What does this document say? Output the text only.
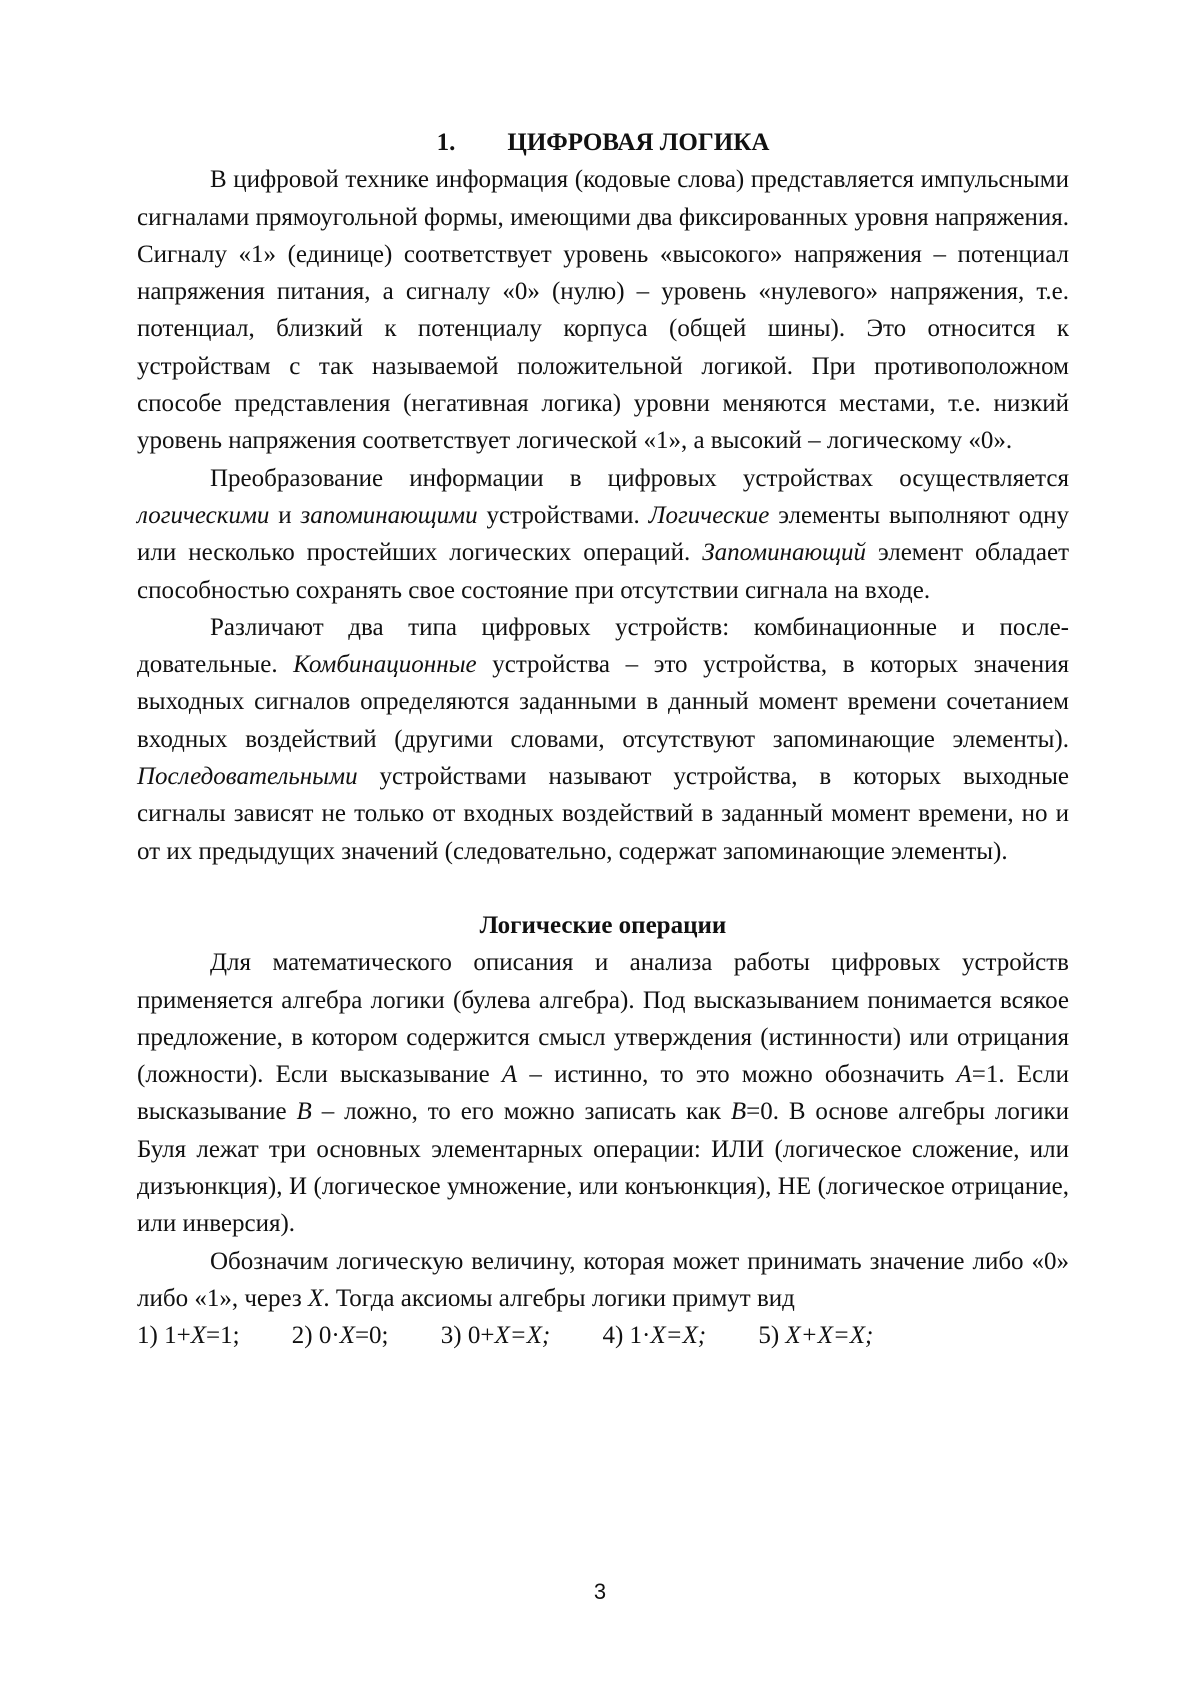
1. ЦИФРОВАЯ ЛОГИКА

В цифровой технике информация (кодовые слова) представляется им­пульсными сигналами прямоугольной формы, имеющими два фиксирован­ных уровня напряжения. Сигналу «1» (единице) соответствует уровень «высокого» напряжения – потенциал напряжения питания, а сигналу «0» (нулю) – уровень «нулевого» напряжения, т.е. потенциал, близкий к потен­циалу корпуса (общей шины). Это относится к устройствам с так называе­мой положительной логикой. При противоположном способе представле­ния (негативная логика) уровни меняются местами, т.е. низкий уровень напряжения соответствует логической «1», а высокий – логическому «0».

Преобразование информации в цифровых устройствах осуществляет­ся логическими и запоминающими устройствами. Логические элементы вы­полняют одну или несколько простейших логических операций. Запомина­ющий элемент обладает способностью сохранять свое состояние при отсут­ствии сигнала на входе.

Различают два типа цифровых устройств: комбинационные и после­довательные. Комбинационные устройства – это устройства, в которых зна­чения выходных сигналов определяются заданными в данный момент вре­мени сочетанием входных воздействий (другими словами, отсутствуют за­поминающие элементы). Последовательными устройствами называют устройства, в которых выходные сигналы зависят не только от входных воздействий в заданный момент времени, но и от их предыдущих значений (следовательно, содержат запоминающие элементы).

Логические операции

Для математического описания и анализа работы цифровых устройств применяется алгебра логики (булева алгебра). Под высказыванием понима­ется всякое предложение, в котором содержится смысл утверждения (ис­тинности) или отрицания (ложности). Если высказывание A – истинно, то это можно обозначить A=1. Если высказывание B – ложно, то его можно за­писать как B=0. В основе алгебры логики Буля лежат три основных элемен­тарных операции: ИЛИ (логическое сложение, или дизъюнкция), И (логиче­ское умножение, или конъюнкция), НЕ (логическое отрицание, или инвер­сия).

Обозначим логическую величину, которая может принимать значение либо «0» либо «1», через X. Тогда аксиомы алгебры логики примут вид

1) 1+X=1; 2) 0·X=0; 3) 0+X=X; 4) 1·X=X; 5) X+X=X;
3
